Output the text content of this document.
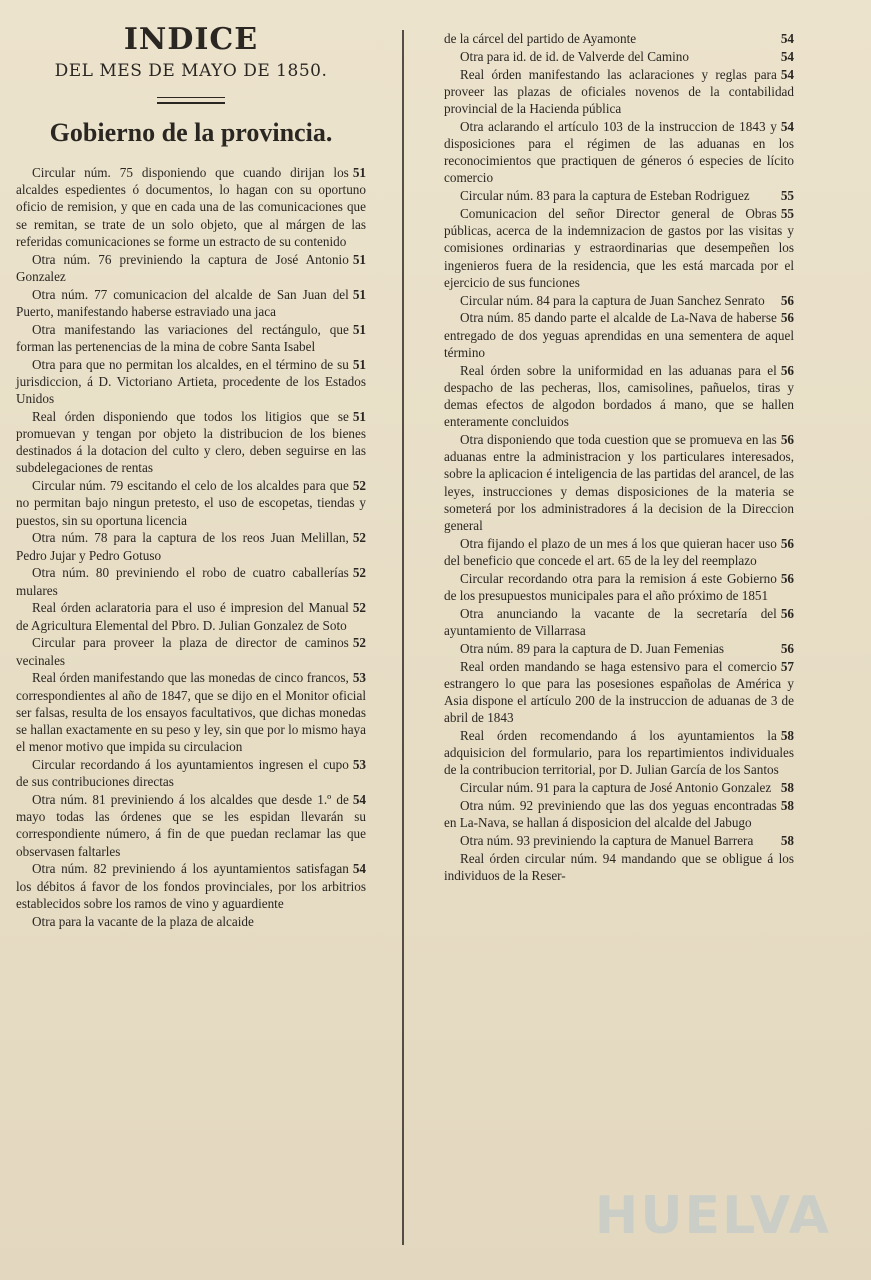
INDICE

DEL MES DE MAYO DE 1850.

Gobierno de la provincia.
51
Circular núm. 75 disponiendo que cuando dirijan los alcaldes espedientes ó documentos, lo hagan con su oportuno oficio de remision, y que en cada una de las comunicaciones que se remitan, se trate de un solo objeto, que al márgen de las referidas comunicaciones se forme un estracto de su contenido
51
Otra núm. 76 previniendo la captura de José Antonio Gonzalez
51
Otra núm. 77 comunicacion del alcalde de San Juan del Puerto, manifestando haberse estraviado una jaca
51
Otra manifestando las variaciones del rectángulo, que forman las pertenencias de la mina de cobre Santa Isabel
51
Otra para que no permitan los alcaldes, en el término de su jurisdiccion, á D. Victoriano Artieta, procedente de los Estados Unidos
51
Real órden disponiendo que todos los litigios que se promuevan y tengan por objeto la distribucion de los bienes destinados á la dotacion del culto y clero, deben seguirse en las subdelegaciones de rentas
52
Circular núm. 79 escitando el celo de los alcaldes para que no permitan bajo ningun pretesto, el uso de escopetas, tiendas y puestos, sin su oportuna licencia
52
Otra núm. 78 para la captura de los reos Juan Melillan, Pedro Jujar y Pedro Gotuso
52
Otra núm. 80 previniendo el robo de cuatro caballerías mulares
52
Real órden aclaratoria para el uso é impresion del Manual de Agricultura Elemental del Pbro. D. Julian Gonzalez de Soto
52
Circular para proveer la plaza de director de caminos vecinales
53
Real órden manifestando que las monedas de cinco francos, correspondientes al año de 1847, que se dijo en el Monitor oficial ser falsas, resulta de los ensayos facultativos, que dichas monedas se hallan exactamente en su peso y ley, sin que por lo mismo haya el menor motivo que impida su circulacion
53
Circular recordando á los ayuntamientos ingresen el cupo de sus contribuciones directas
54
Otra núm. 81 previniendo á los alcaldes que desde 1.º de mayo todas las órdenes que se les espidan llevarán su correspondiente número, á fin de que puedan reclamar las que observasen faltarles
54
Otra núm. 82 previniendo á los ayuntamientos satisfagan los débitos á favor de los fondos provinciales, por los arbitrios establecidos sobre los ramos de vino y aguardiente
Otra para la vacante de la plaza de alcaide
54
de la cárcel del partido de Ayamonte
54
Otra para id. de id. de Valverde del Camino
54
Real órden manifestando las aclaraciones y reglas para proveer las plazas de oficiales novenos de la contabilidad provincial de la Hacienda pública
54
Otra aclarando el artículo 103 de la instruccion de 1843 y disposiciones para el régimen de las aduanas en los reconocimientos que practiquen de géneros ó especies de lícito comercio
55
Circular núm. 83 para la captura de Esteban Rodriguez
55
Comunicacion del señor Director general de Obras públicas, acerca de la indemnizacion de gastos por las visitas y comisiones ordinarias y estraordinarias que desempeñen los ingenieros fuera de la residencia, que les está marcada por el ejercicio de sus funciones
56
Circular núm. 84 para la captura de Juan Sanchez Senrato
56
Otra núm. 85 dando parte el alcalde de La-Nava de haberse entregado de dos yeguas aprendidas en una sementera de aquel término
56
Real órden sobre la uniformidad en las aduanas para el despacho de las pecheras, llos, camisolines, pañuelos, tiras y demas efectos de algodon bordados á mano, que se hallen enteramente concluidos
56
Otra disponiendo que toda cuestion que se promueva en las aduanas entre la administracion y los particulares interesados, sobre la aplicacion é inteligencia de las partidas del arancel, de las leyes, instrucciones y demas disposiciones de la materia se someterá por los administradores á la decision de la Direccion general
56
Otra fijando el plazo de un mes á los que quieran hacer uso del beneficio que concede el art. 65 de la ley del reemplazo
56
Circular recordando otra para la remision á este Gobierno de los presupuestos municipales para el año próximo de 1851
56
Otra anunciando la vacante de la secretaría del ayuntamiento de Villarrasa
56
Otra núm. 89 para la captura de D. Juan Femenias
57
Real orden mandando se haga estensivo para el comercio estrangero lo que para las posesiones españolas de América y Asia dispone el artículo 200 de la instruccion de aduanas de 3 de abril de 1843
58
Real órden recomendando á los ayuntamientos la adquisicion del formulario, para los repartimientos individuales de la contribucion territorial, por D. Julian García de los Santos
58
Circular núm. 91 para la captura de José Antonio Gonzalez
58
Otra núm. 92 previniendo que las dos yeguas encontradas en La-Nava, se hallan á disposicion del alcalde del Jabugo
58
Otra núm. 93 previniendo la captura de Manuel Barrera
Real órden circular núm. 94 mandando que se obligue á los individuos de la Reser-
HUELVA
